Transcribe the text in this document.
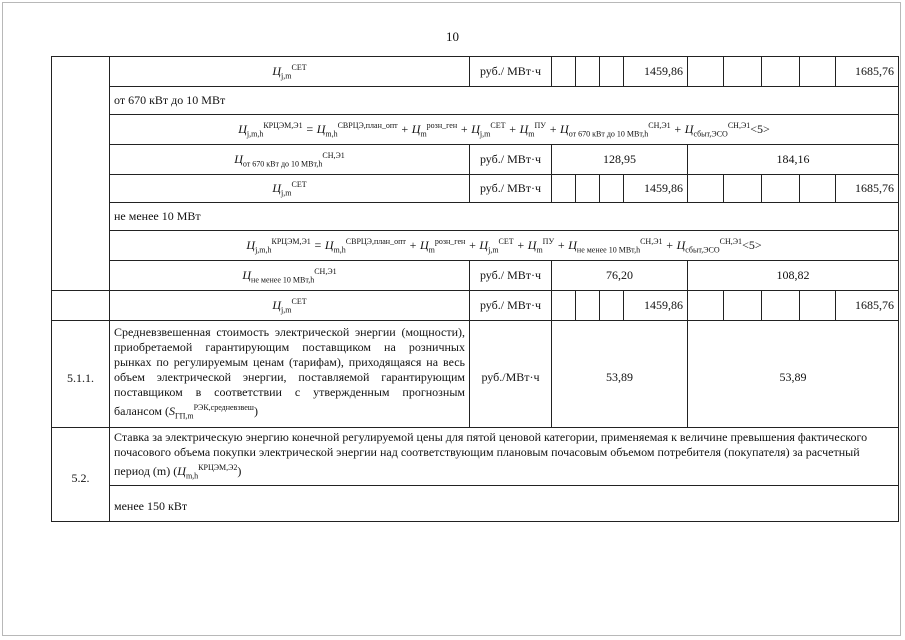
10
	$Ц_{j,m}^{СЕТ}$	руб./ МВт·ч				1459,86					1685,76
	от 670 кВт до 10 МВт										
	$Ц_{j,m,h}^{КРЦЭМ,Э1} = Ц_{m,h}^{СВРЦЭ,план\_опт} + Ц_m^{розн\_ген} + Ц_{j,m}^{СЕТ} + Ц_m^{ПУ} + Ц_{от 670 кВт до 10 МВт,h}^{СН,Э1} + Ц_{сбыт,ЭСО}^{СН,Э1}<5>$										
	$Ц_{от 670 кВт до 10 МВт,h}^{СН,Э1}$	руб./ МВт·ч	128,95				184,16				
	$Ц_{j,m}^{СЕТ}$	руб./ МВт·ч				1459,86					1685,76
	не менее 10 МВт										
	$Ц_{j,m,h}^{КРЦЭМ,Э1} = Ц_{m,h}^{СВРЦЭ,план\_опт} + Ц_m^{розн\_ген} + Ц_{j,m}^{СЕТ} + Ц_m^{ПУ} + Ц_{не менее 10 МВт,h}^{СН,Э1} + Ц_{сбыт,ЭСО}^{СН,Э1}<5>$										
	$Ц_{не менее 10 МВт,h}^{СН,Э1}$	руб./ МВт·ч	76,20				108,82				
	$Ц_{j,m}^{СЕТ}$	руб./ МВт·ч				1459,86					1685,76
5.1.1.	Средневзвешенная стоимость электрической энергии (мощности), приобретаемой гарантирующим поставщиком на розничных рынках по регулируемым ценам (тарифам), приходящаяся на весь объем электрической энергии, поставляемой гарантирующим поставщиком в соответствии с утвержденным прогнозным балансом $(S_{ГП,m}^{РЭК,средневзвеш})$	руб./МВт·ч	53,89				53,89				
5.2.	Ставка за электрическую энергию конечной регулируемой цены для пятой ценовой категории, применяемая к величине превышения фактического почасового объема покупки электрической энергии над соответствующим плановым почасовым объемом потребителя (покупателя) за расчетный период (m) $(Ц_{m,h}^{КРЦЭМ,Э2})$										
	менее 150 кВт										
